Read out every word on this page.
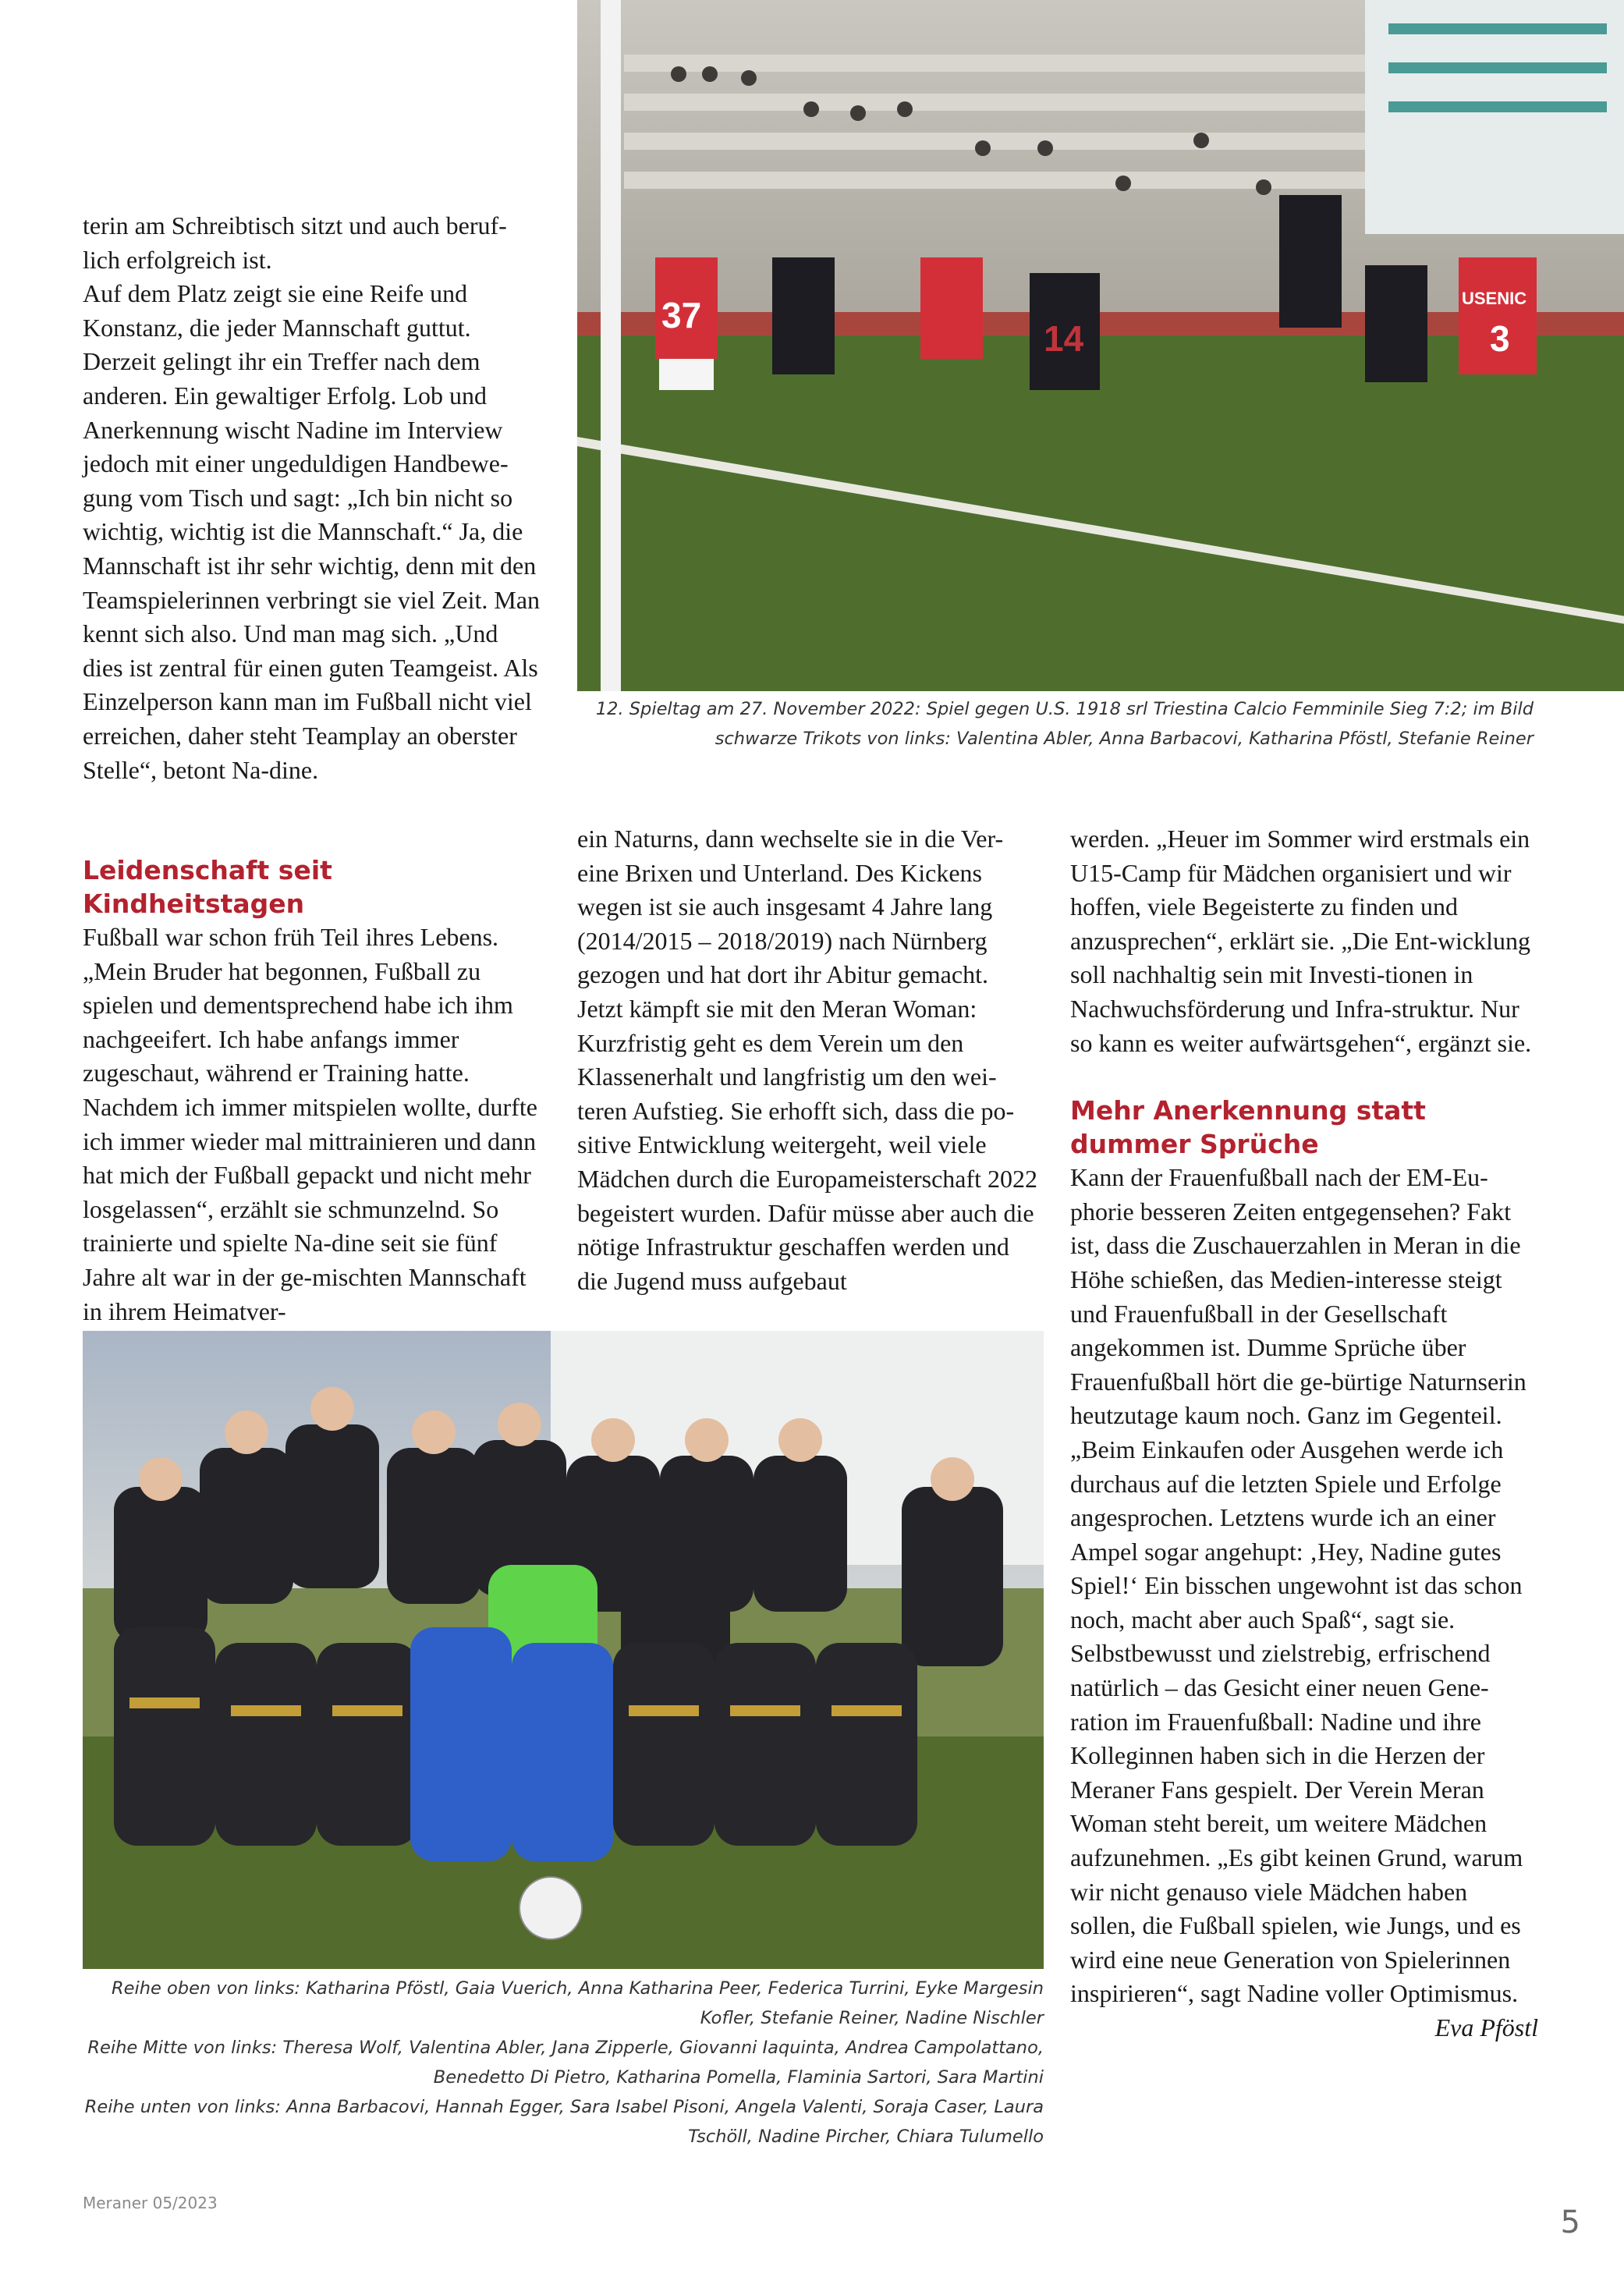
terin am Schreibtisch sitzt und auch beruf-lich erfolgreich ist.

Auf dem Platz zeigt sie eine Reife und Konstanz, die jeder Mannschaft guttut. Derzeit gelingt ihr ein Treffer nach dem anderen. Ein gewaltiger Erfolg. Lob und Anerkennung wischt Nadine im Interview jedoch mit einer ungeduldigen Handbewe-gung vom Tisch und sagt: „Ich bin nicht so wichtig, wichtig ist die Mannschaft.“ Ja, die Mannschaft ist ihr sehr wichtig, denn mit den Teamspielerinnen verbringt sie viel Zeit. Man kennt sich also. Und man mag sich. „Und dies ist zentral für einen guten Teamgeist. Als Einzelperson kann man im Fußball nicht viel erreichen, daher steht Teamplay an oberster Stelle“, betont Na-dine.

Leidenschaft seit Kindheitstagen

Fußball war schon früh Teil ihres Lebens. „Mein Bruder hat begonnen, Fußball zu spielen und dementsprechend habe ich ihm nachgeeifert. Ich habe anfangs immer zugeschaut, während er Training hatte. Nachdem ich immer mitspielen wollte, durfte ich immer wieder mal mittrainieren und dann hat mich der Fußball gepackt und nicht mehr losgelassen“, erzählt sie schmunzelnd. So trainierte und spielte Na-dine seit sie fünf Jahre alt war in der ge-mischten Mannschaft in ihrem Heimatver-

ein Naturns, dann wechselte sie in die Ver-eine Brixen und Unterland. Des Kickens wegen ist sie auch insgesamt 4 Jahre lang (2014/2015 – 2018/2019) nach Nürnberg gezogen und hat dort ihr Abitur gemacht. Jetzt kämpft sie mit den Meran Woman: Kurzfristig geht es dem Verein um den Klassenerhalt und langfristig um den wei-teren Aufstieg. Sie erhofft sich, dass die po-sitive Entwicklung weitergeht, weil viele Mädchen durch die Europameisterschaft 2022 begeistert wurden. Dafür müsse aber auch die nötige Infrastruktur geschaffen werden und die Jugend muss aufgebaut

werden. „Heuer im Sommer wird erstmals ein U15-Camp für Mädchen organisiert und wir hoffen, viele Begeisterte zu finden und anzusprechen“, erklärt sie. „Die Ent-wicklung soll nachhaltig sein mit Investi-tionen in Nachwuchsförderung und Infra-struktur. Nur so kann es weiter aufwärtsgehen“, ergänzt sie.

Mehr Anerkennung statt dummer Sprüche

Kann der Frauenfußball nach der EM-Eu-phorie besseren Zeiten entgegensehen? Fakt ist, dass die Zuschauerzahlen in Meran in die Höhe schießen, das Medien-interesse steigt und Frauenfußball in der Gesellschaft angekommen ist. Dumme Sprüche über Frauenfußball hört die ge-bürtige Naturnserin heutzutage kaum noch. Ganz im Gegenteil. „Beim Einkaufen oder Ausgehen werde ich durchaus auf die letzten Spiele und Erfolge angesprochen. Letztens wurde ich an einer Ampel sogar angehupt: ‚Hey, Nadine gutes Spiel!‘ Ein bisschen ungewohnt ist das schon noch, macht aber auch Spaß“, sagt sie. Selbstbewusst und zielstrebig, erfrischend natürlich – das Gesicht einer neuen Gene-ration im Frauenfußball: Nadine und ihre Kolleginnen haben sich in die Herzen der Meraner Fans gespielt. Der Verein Meran Woman steht bereit, um weitere Mädchen aufzunehmen. „Es gibt keinen Grund, warum wir nicht genauso viele Mädchen haben sollen, die Fußball spielen, wie Jungs, und es wird eine neue Generation von Spielerinnen inspirieren“, sagt Nadine voller Optimismus.

Eva Pföstl

37
14
USENIC
3

12. Spieltag am 27. November 2022: Spiel gegen U.S. 1918 srl Triestina Calcio Femminile Sieg 7:2; im Bild schwarze Trikots von links: Valentina Abler, Anna Barbacovi, Katharina Pföstl, Stefanie Reiner

Reihe oben von links: Katharina Pföstl, Gaia Vuerich, Anna Katharina Peer, Federica Turrini, Eyke Margesin Kofler, Stefanie Reiner, Nadine Nischler
Reihe Mitte von links: Theresa Wolf, Valentina Abler, Jana Zipperle, Giovanni Iaquinta, Andrea Campolattano, Benedetto Di Pietro, Katharina Pomella, Flaminia Sartori, Sara Martini
Reihe unten von links: Anna Barbacovi, Hannah Egger, Sara Isabel Pisoni, Angela Valenti, Soraja Caser, Laura Tschöll, Nadine Pircher, Chiara Tulumello
Meraner 05/2023
5
